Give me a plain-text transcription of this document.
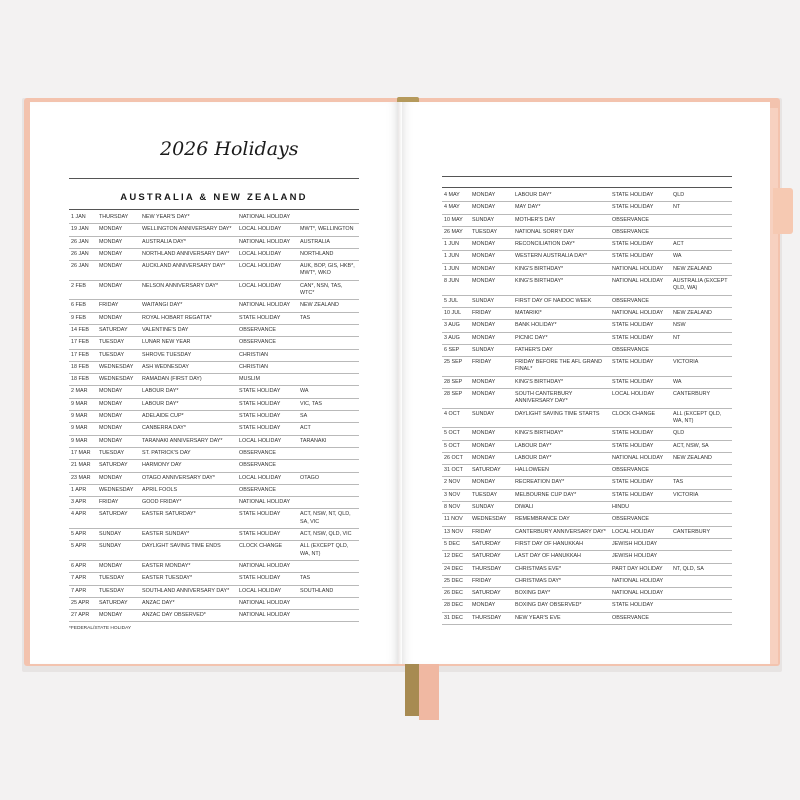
2026 Holidays
AUSTRALIA & NEW ZEALAND
1 JAN	THURSDAY	NEW YEAR'S DAY*	NATIONAL HOLIDAY	
19 JAN	MONDAY	WELLINGTON ANNIVERSARY DAY*	LOCAL HOLIDAY	MWT*, WELLINGTON
26 JAN	MONDAY	AUSTRALIA DAY*	NATIONAL HOLIDAY	AUSTRALIA
26 JAN	MONDAY	NORTHLAND ANNIVERSARY DAY*	LOCAL HOLIDAY	NORTHLAND
26 JAN	MONDAY	AUCKLAND ANNIVERSARY DAY*	LOCAL HOLIDAY	AUK, BOP, GIS, HKB*, MWT*, WKO
2 FEB	MONDAY	NELSON ANNIVERSARY DAY*	LOCAL HOLIDAY	CAN*, NSN, TAS, WTC*
6 FEB	FRIDAY	WAITANGI DAY*	NATIONAL HOLIDAY	NEW ZEALAND
9 FEB	MONDAY	ROYAL HOBART REGATTA*	STATE HOLIDAY	TAS
14 FEB	SATURDAY	VALENTINE'S DAY	OBSERVANCE	
17 FEB	TUESDAY	LUNAR NEW YEAR	OBSERVANCE	
17 FEB	TUESDAY	SHROVE TUESDAY	CHRISTIAN	
18 FEB	WEDNESDAY	ASH WEDNESDAY	CHRISTIAN	
18 FEB	WEDNESDAY	RAMADAN (FIRST DAY)	MUSLIM	
2 MAR	MONDAY	LABOUR DAY*	STATE HOLIDAY	WA
9 MAR	MONDAY	LABOUR DAY*	STATE HOLIDAY	VIC, TAS
9 MAR	MONDAY	ADELAIDE CUP*	STATE HOLIDAY	SA
9 MAR	MONDAY	CANBERRA DAY*	STATE HOLIDAY	ACT
9 MAR	MONDAY	TARANAKI ANNIVERSARY DAY*	LOCAL HOLIDAY	TARANAKI
17 MAR	TUESDAY	ST. PATRICK'S DAY	OBSERVANCE	
21 MAR	SATURDAY	HARMONY DAY	OBSERVANCE	
23 MAR	MONDAY	OTAGO ANNIVERSARY DAY*	LOCAL HOLIDAY	OTAGO
1 APR	WEDNESDAY	APRIL FOOLS	OBSERVANCE	
3 APR	FRIDAY	GOOD FRIDAY*	NATIONAL HOLIDAY	
4 APR	SATURDAY	EASTER SATURDAY*	STATE HOLIDAY	ACT, NSW, NT, QLD, SA, VIC
5 APR	SUNDAY	EASTER SUNDAY*	STATE HOLIDAY	ACT, NSW, QLD, VIC
5 APR	SUNDAY	DAYLIGHT SAVING TIME ENDS	CLOCK CHANGE	ALL (EXCEPT QLD, WA, NT)
6 APR	MONDAY	EASTER MONDAY*	NATIONAL HOLIDAY	
7 APR	TUESDAY	EASTER TUESDAY*	STATE HOLIDAY	TAS
7 APR	TUESDAY	SOUTHLAND ANNIVERSARY DAY*	LOCAL HOLIDAY	SOUTHLAND
25 APR	SATURDAY	ANZAC DAY*	NATIONAL HOLIDAY	
27 APR	MONDAY	ANZAC DAY OBSERVED*	NATIONAL HOLIDAY	
4 MAY	MONDAY	LABOUR DAY*	STATE HOLIDAY	QLD
4 MAY	MONDAY	MAY DAY*	STATE HOLIDAY	NT
10 MAY	SUNDAY	MOTHER'S DAY	OBSERVANCE	
26 MAY	TUESDAY	NATIONAL SORRY DAY	OBSERVANCE	
1 JUN	MONDAY	RECONCILIATION DAY*	STATE HOLIDAY	ACT
1 JUN	MONDAY	WESTERN AUSTRALIA DAY*	STATE HOLIDAY	WA
1 JUN	MONDAY	KING'S BIRTHDAY*	NATIONAL HOLIDAY	NEW ZEALAND
8 JUN	MONDAY	KING'S BIRTHDAY*	NATIONAL HOLIDAY	AUSTRALIA (EXCEPT QLD, WA)
5 JUL	SUNDAY	FIRST DAY OF NAIDOC WEEK	OBSERVANCE	
10 JUL	FRIDAY	MATARIKI*	NATIONAL HOLIDAY	NEW ZEALAND
3 AUG	MONDAY	BANK HOLIDAY*	STATE HOLIDAY	NSW
3 AUG	MONDAY	PICNIC DAY*	STATE HOLIDAY	NT
6 SEP	SUNDAY	FATHER'S DAY	OBSERVANCE	
25 SEP	FRIDAY	FRIDAY BEFORE THE AFL GRAND FINAL*	STATE HOLIDAY	VICTORIA
28 SEP	MONDAY	KING'S BIRTHDAY*	STATE HOLIDAY	WA
28 SEP	MONDAY	SOUTH CANTERBURY ANNIVERSARY DAY*	LOCAL HOLIDAY	CANTERBURY
4 OCT	SUNDAY	DAYLIGHT SAVING TIME STARTS	CLOCK CHANGE	ALL (EXCEPT QLD, WA, NT)
5 OCT	MONDAY	KING'S BIRTHDAY*	STATE HOLIDAY	QLD
5 OCT	MONDAY	LABOUR DAY*	STATE HOLIDAY	ACT, NSW, SA
26 OCT	MONDAY	LABOUR DAY*	NATIONAL HOLIDAY	NEW ZEALAND
31 OCT	SATURDAY	HALLOWEEN	OBSERVANCE	
2 NOV	MONDAY	RECREATION DAY*	STATE HOLIDAY	TAS
3 NOV	TUESDAY	MELBOURNE CUP DAY*	STATE HOLIDAY	VICTORIA
8 NOV	SUNDAY	DIWALI	HINDU	
11 NOV	WEDNESDAY	REMEMBRANCE DAY	OBSERVANCE	
13 NOV	FRIDAY	CANTERBURY ANNIVERSARY DAY*	LOCAL HOLIDAY	CANTERBURY
5 DEC	SATURDAY	FIRST DAY OF HANUKKAH	JEWISH HOLIDAY	
12 DEC	SATURDAY	LAST DAY OF HANUKKAH	JEWISH HOLIDAY	
24 DEC	THURSDAY	CHRISTMAS EVE*	PART DAY HOLIDAY	NT, QLD, SA
25 DEC	FRIDAY	CHRISTMAS DAY*	NATIONAL HOLIDAY	
26 DEC	SATURDAY	BOXING DAY*	NATIONAL HOLIDAY	
28 DEC	MONDAY	BOXING DAY OBSERVED*	STATE HOLIDAY	
31 DEC	THURSDAY	NEW YEAR'S EVE	OBSERVANCE	
*FEDERAL/STATE HOLIDAY
